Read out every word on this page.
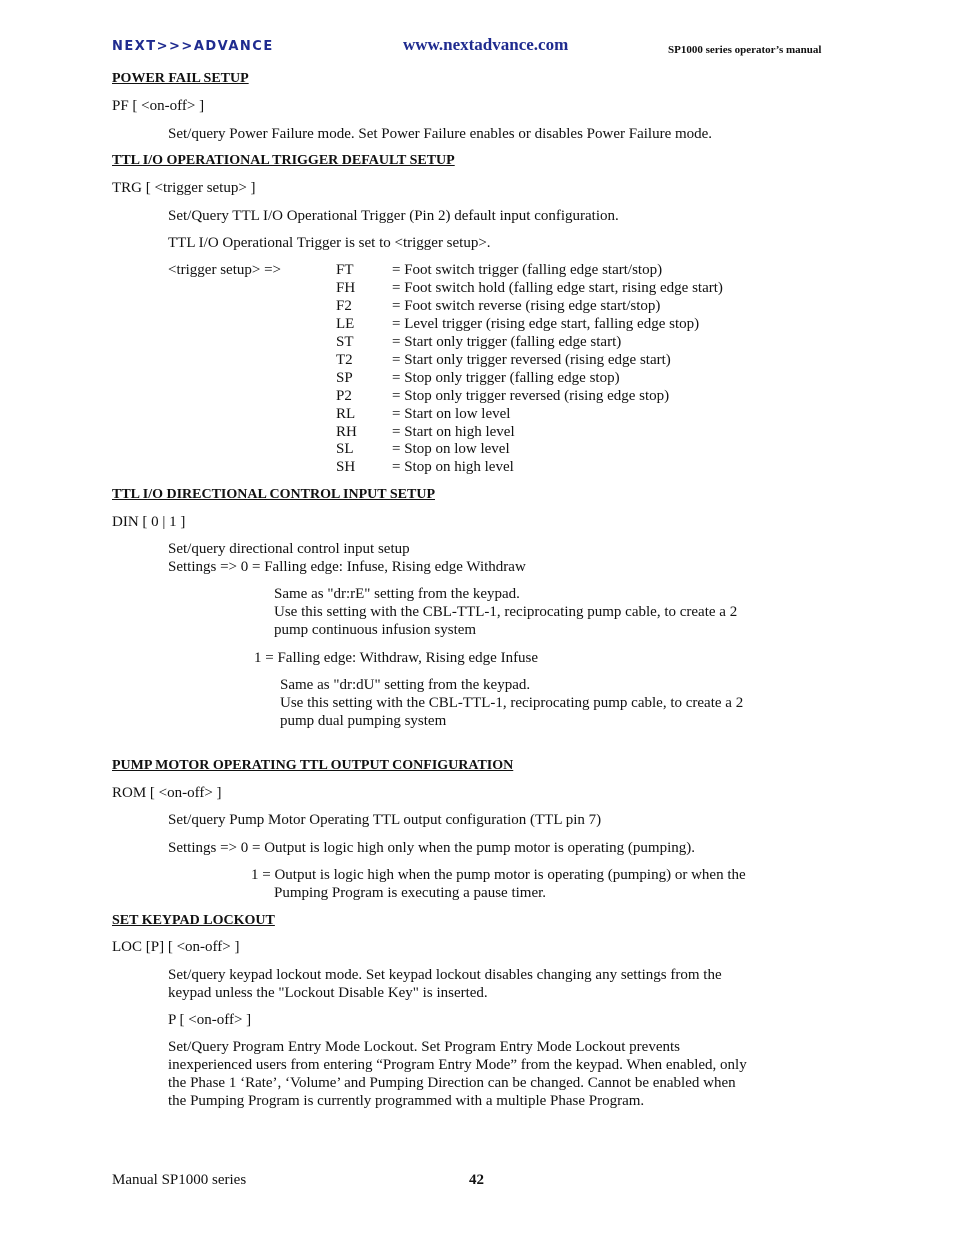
NEXT>>>ADVANCE	www.nextadvance.com	SP1000 series operator’s manual
POWER FAIL SETUP
PF [ <on-off> ]
Set/query Power Failure mode. Set Power Failure enables or disables Power Failure mode.
TTL I/O OPERATIONAL TRIGGER DEFAULT SETUP
TRG [ <trigger setup> ]
Set/Query TTL I/O Operational Trigger (Pin 2) default input configuration.
TTL I/O Operational Trigger is set to <trigger setup>.
<trigger setup> =>	FT	= Foot switch trigger (falling edge start/stop)
FH = Foot switch hold (falling edge start, rising edge start)
F2	= Foot switch reverse (rising edge start/stop)
LE	= Level trigger (rising edge start, falling edge stop)
ST	= Start only trigger (falling edge start)
T2	= Start only trigger reversed (rising edge start)
SP	= Stop only trigger (falling edge stop)
P2	= Stop only trigger reversed (rising edge stop)
RL = Start on low level
RH = Start on high level
SL	= Stop on low level
SH = Stop on high level
TTL I/O DIRECTIONAL CONTROL INPUT SETUP
DIN [ 0 | 1 ]
Set/query directional control input setup
Settings => 0 = Falling edge: Infuse, Rising edge Withdraw
Same as "dr:rE" setting from the keypad.
Use this setting with the CBL-TTL-1, reciprocating pump cable, to create a 2
pump continuous infusion system
1 = Falling edge: Withdraw, Rising edge Infuse
Same as "dr:dU" setting from the keypad.
Use this setting with the CBL-TTL-1, reciprocating pump cable, to create a 2
pump dual pumping system
PUMP MOTOR OPERATING TTL OUTPUT CONFIGURATION
ROM [ <on-off> ]
Set/query Pump Motor Operating TTL output configuration (TTL pin 7)
Settings => 0 = Output is logic high only when the pump motor is operating (pumping).
1 = Output is logic high when the pump motor is operating (pumping) or when the
Pumping Program is executing a pause timer.
SET KEYPAD LOCKOUT
LOC [P] [ <on-off> ]
Set/query keypad lockout mode. Set keypad lockout disables changing any settings from the
keypad unless the "Lockout Disable Key" is inserted.
P [ <on-off> ]
Set/Query Program Entry Mode Lockout. Set Program Entry Mode Lockout prevents
inexperienced users from entering “Program Entry Mode” from the keypad. When enabled, only
the Phase 1 ‘Rate’, ‘Volume’ and Pumping Direction can be changed. Cannot be enabled when
the Pumping Program is currently programmed with a multiple Phase Program.
Manual SP1000 series	42
